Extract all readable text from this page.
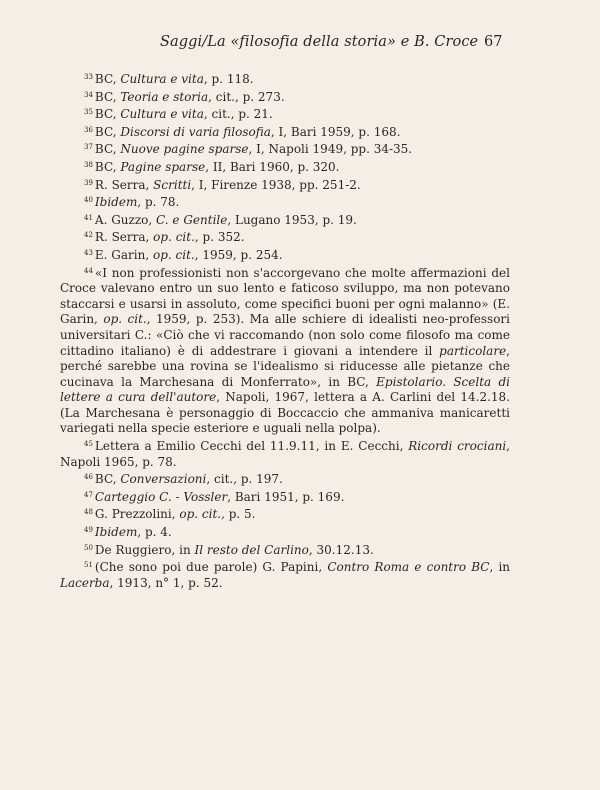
Saggi/La «filosofia della storia» e B. Croce 67

$^{33}$ BC, Cultura e vita, p. 118.

$^{34}$ BC, Teoria e storia, cit., p. 273.

$^{35}$ BC, Cultura e vita, cit., p. 21.

$^{36}$ BC, Discorsi di varia filosofia, I, Bari 1959, p. 168.

$^{37}$ BC, Nuove pagine sparse, I, Napoli 1949, pp. 34-35.

$^{38}$ BC, Pagine sparse, II, Bari 1960, p. 320.

$^{39}$ R. Serra, Scritti, I, Firenze 1938, pp. 251-2.

$^{40}$ Ibidem, p. 78.

$^{41}$ A. Guzzo, C. e Gentile, Lugano 1953, p. 19.

$^{42}$ R. Serra, op. cit., p. 352.

$^{43}$ E. Garin, op. cit., 1959, p. 254.

$^{44}$ «I non professionisti non s'accorgevano che molte affermazioni del Croce valevano entro un suo lento e faticoso sviluppo, ma non potevano staccarsi e usarsi in assoluto, come specifici buoni per ogni malanno» (E. Garin, op. cit., 1959, p. 253). Ma alle schiere di idealisti neo-professori universitari C.: «Ciò che vi raccomando (non solo come filosofo ma come cittadino italiano) è di addestrare i giovani a intendere il particolare, perché sarebbe una rovina se l'idealismo si riducesse alle pietanze che cucinava la Marchesana di Monferrato», in BC, Epistolario. Scelta di lettere a cura dell'autore, Napoli, 1967, lettera a A. Carlini del 14.2.18. (La Marchesana è personaggio di Boccaccio che ammaniva manicaretti variegati nella specie esteriore e uguali nella polpa).

$^{45}$ Lettera a Emilio Cecchi del 11.9.11, in E. Cecchi, Ricordi crociani, Napoli 1965, p. 78.

$^{46}$ BC, Conversazioni, cit., p. 197.

$^{47}$ Carteggio C. - Vossler, Bari 1951, p. 169.

$^{48}$ G. Prezzolini, op. cit., p. 5.

$^{49}$ Ibidem, p. 4.

$^{50}$ De Ruggiero, in Il resto del Carlino, 30.12.13.

$^{51}$ (Che sono poi due parole) G. Papini, Contro Roma e contro BC, in Lacerba, 1913, n° 1, p. 52.
